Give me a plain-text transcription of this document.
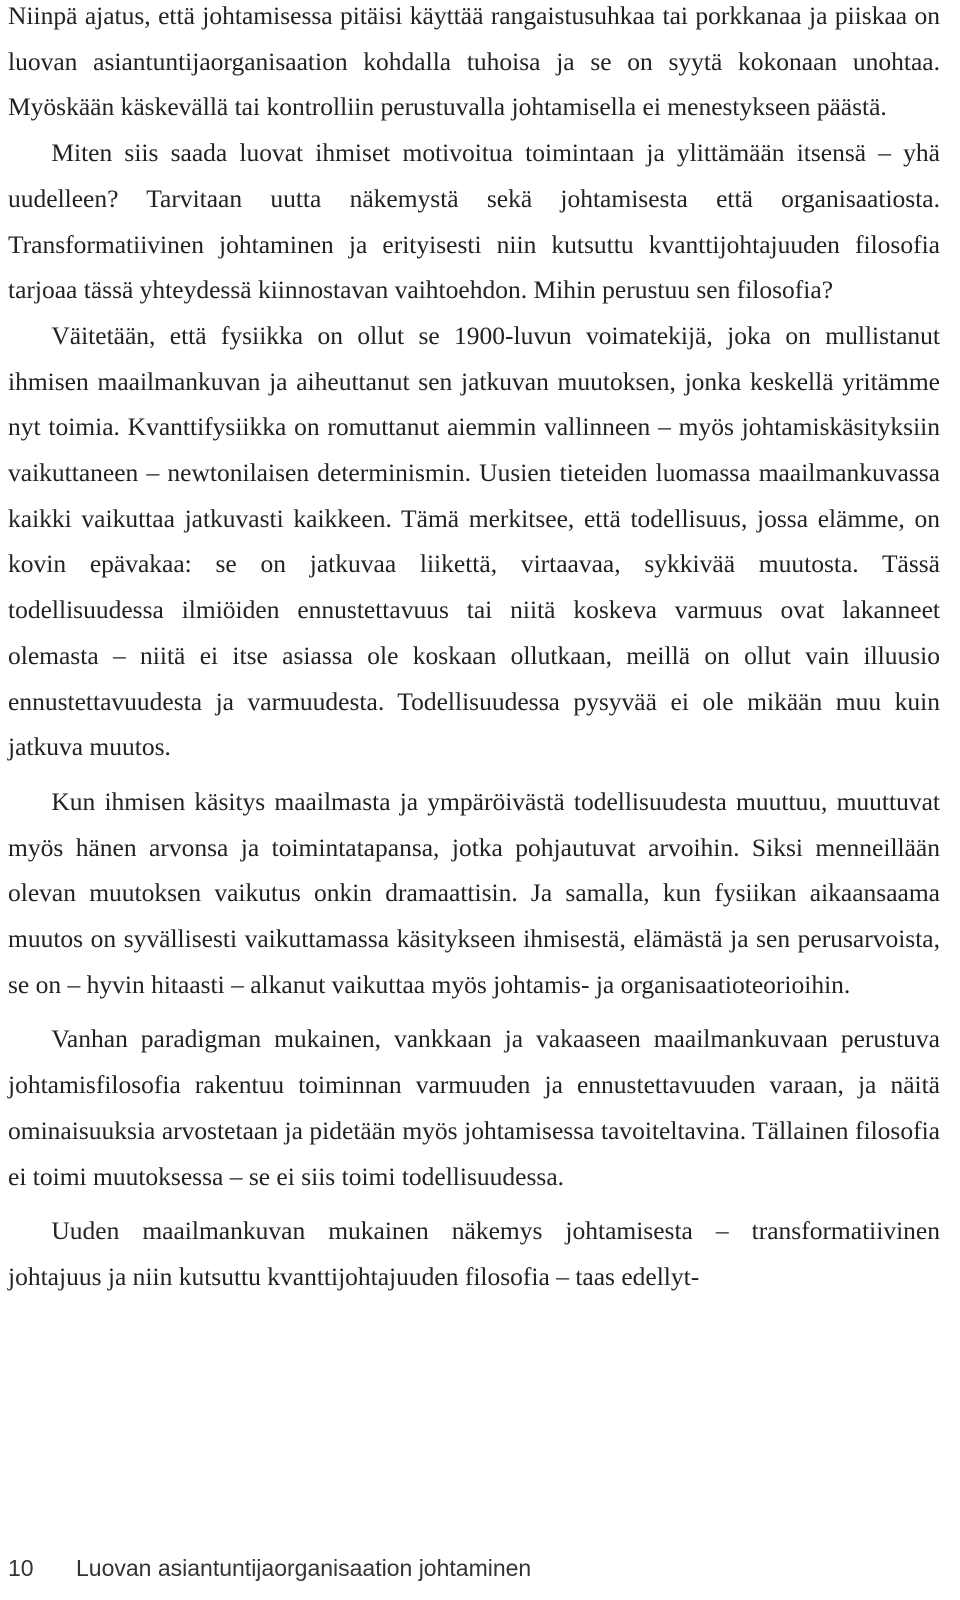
Niinpä ajatus, että johtamisessa pitäisi käyttää rangaistusuhkaa tai porkkanaa ja piiskaa on luovan asiantuntijaorganisaation kohdalla tuhoisa ja se on syytä kokonaan unohtaa. Myöskään käskevällä tai kontrolliin perustuvalla johtamisella ei menestykseen päästä.

Miten siis saada luovat ihmiset motivoitua toimintaan ja ylittämään itsensä – yhä uudelleen? Tarvitaan uutta näkemystä sekä johtamisesta että organisaatiosta. Transformatiivinen johtaminen ja erityisesti niin kutsuttu kvanttijohtajuuden filosofia tarjoaa tässä yhteydessä kiinnostavan vaihtoehdon. Mihin perustuu sen filosofia?

Väitetään, että fysiikka on ollut se 1900-luvun voimatekijä, joka on mullistanut ihmisen maailmankuvan ja aiheuttanut sen jatkuvan muutoksen, jonka keskellä yritämme nyt toimia. Kvanttifysiikka on romuttanut aiemmin vallinneen – myös johtamiskäsityksiin vaikuttaneen – newtonilaisen determinismin. Uusien tieteiden luomassa maailmankuvassa kaikki vaikuttaa jatkuvasti kaikkeen. Tämä merkitsee, että todellisuus, jossa elämme, on kovin epävakaa: se on jatkuvaa liikettä, virtaavaa, sykkivää muutosta. Tässä todellisuudessa ilmiöiden ennustettavuus tai niitä koskeva varmuus ovat lakanneet olemasta – niitä ei itse asiassa ole koskaan ollutkaan, meillä on ollut vain illuusio ennustettavuudesta ja varmuudesta. Todellisuudessa pysyvää ei ole mikään muu kuin jatkuva muutos.

Kun ihmisen käsitys maailmasta ja ympäröivästä todellisuudesta muuttuu, muuttuvat myös hänen arvonsa ja toimintatapansa, jotka pohjautuvat arvoihin. Siksi menneillään olevan muutoksen vaikutus onkin dramaattisin. Ja samalla, kun fysiikan aikaansaama muutos on syvällisesti vaikuttamassa käsitykseen ihmisestä, elämästä ja sen perusarvoista, se on – hyvin hitaasti – alkanut vaikuttaa myös johtamis- ja organisaatioteorioihin.

Vanhan paradigman mukainen, vankkaan ja vakaaseen maailmankuvaan perustuva johtamisfilosofia rakentuu toiminnan varmuuden ja ennustettavuuden varaan, ja näitä ominaisuuksia arvostetaan ja pidetään myös johtamisessa tavoiteltavina. Tällainen filosofia ei toimi muutoksessa – se ei siis toimi todellisuudessa.

Uuden maailmankuvan mukainen näkemys johtamisesta – transformatiivinen johtajuus ja niin kutsuttu kvanttijohtajuuden filosofia – taas edellyt-

10 Luovan asiantuntijaorganisaation johtaminen
